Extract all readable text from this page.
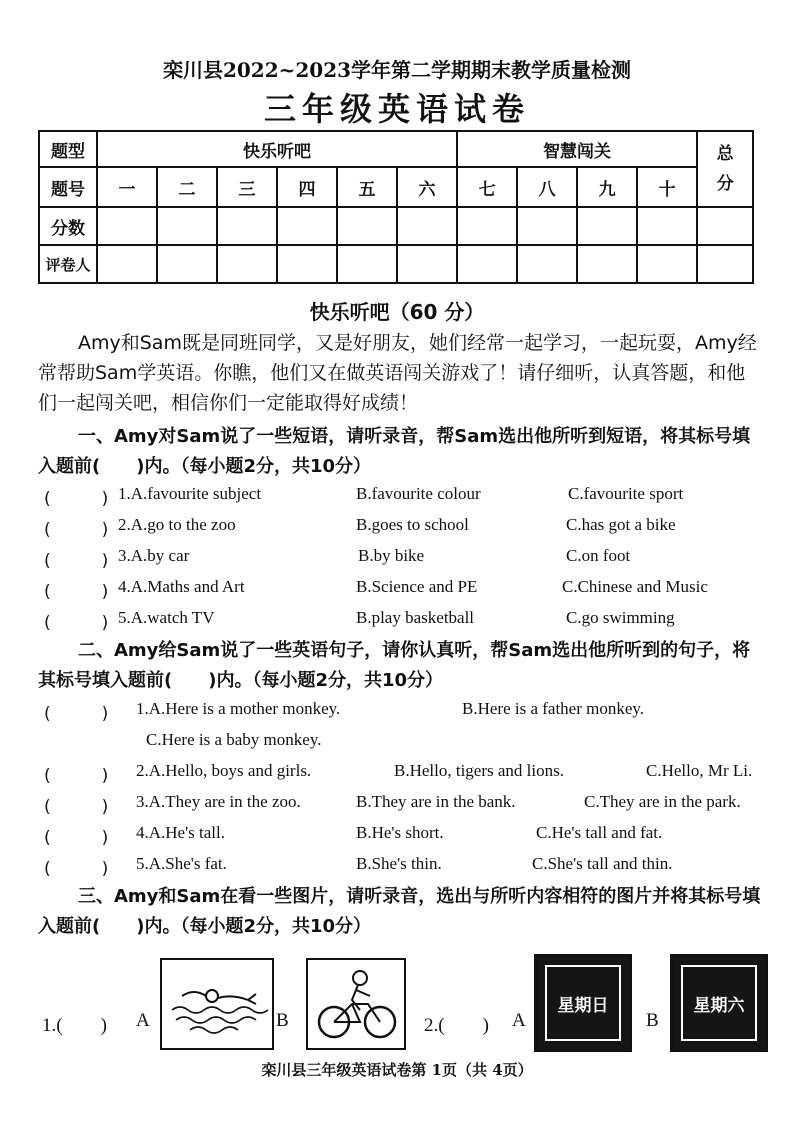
栾川县2022~2023学年第二学期期末教学质量检测
三年级英语试卷
题型	快乐听吧						智慧闯关				总分
题号	一	二	三	四	五	六	七	八	九	十	
分数											
评卷人											
快乐听吧（60 分）
Amy和Sam既是同班同学，又是好朋友，她们经常一起学习，一起玩耍，Amy经常帮助Sam学英语。你瞧，他们又在做英语闯关游戏了！请仔细听，认真答题，和他们一起闯关吧，相信你们一定能取得好成绩！
一、Amy对Sam说了一些短语，请听录音，帮Sam选出他所听到短语，将其标号填入题前(　　)内。（每小题2分，共10分）
(　　　) 1.A.favourite subject	B.favourite colour	C.favourite sport
(　　　) 2.A.go to the zoo	B.goes to school	C.has got a bike
(　　　) 3.A.by car	B.by bike	C.on foot
(　　　) 4.A.Maths and Art	B.Science and PE	C.Chinese and Music
(　　　) 5.A.watch TV	B.play basketball	C.go swimming
二、Amy给Sam说了一些英语句子，请你认真听，帮Sam选出他所听到的句子，将其标号填入题前(　　)内。（每小题2分，共10分）
(　　　) 1.A.Here is a mother monkey.	B.Here is a father monkey.
C.Here is a baby monkey.
(　　　) 2.A.Hello, boys and girls.	B.Hello, tigers and lions.	C.Hello, Mr Li.
(　　　) 3.A.They are in the zoo.	B.They are in the bank.	C.They are in the park.
(　　　) 4.A.He's tall.	B.He's short.	C.He's tall and fat.
(　　　) 5.A.She's fat.	B.She's thin.	C.She's tall and thin.
三、Amy和Sam在看一些图片，请听录音，选出与所听内容相符的图片并将其标号填入题前(　　)内。（每小题2分，共10分）
1.(　　) A	B	2.(　　) A
星期日
B
星期六
栾川县三年级英语试卷第 1页（共 4页）
